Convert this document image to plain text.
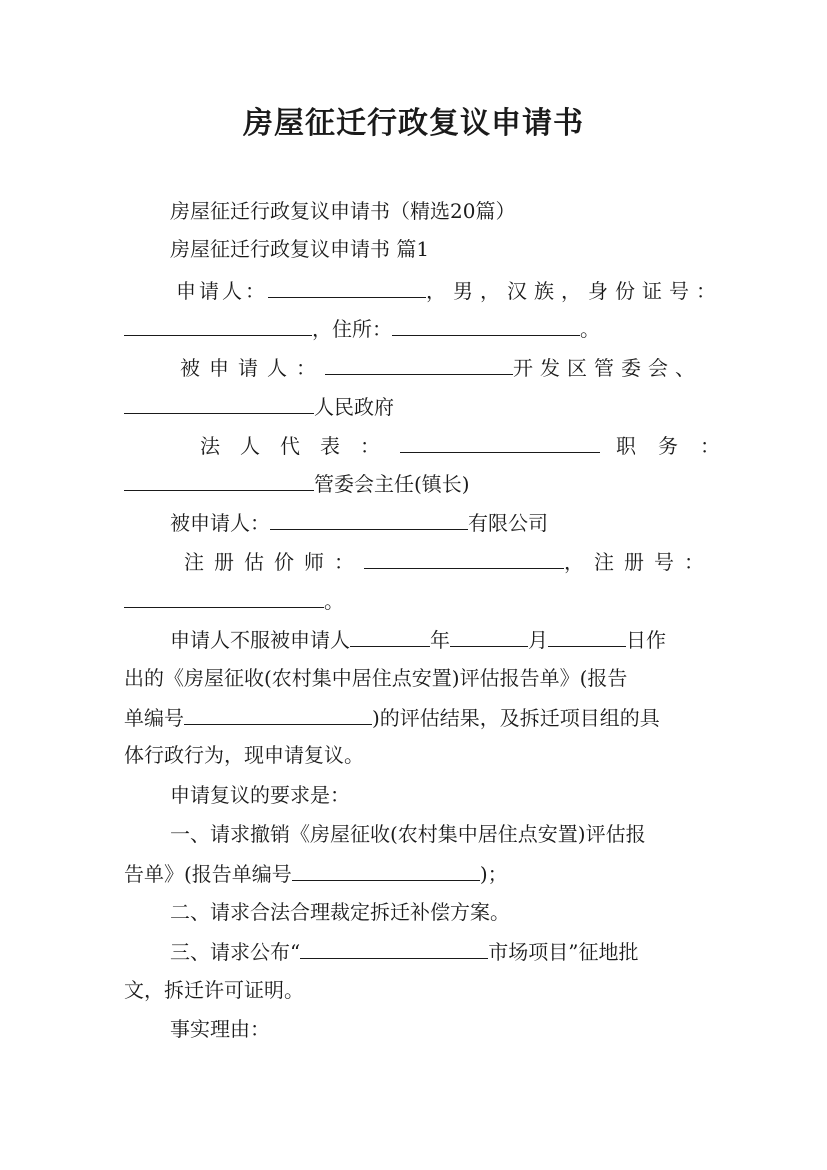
房屋征迁行政复议申请书
房屋征迁行政复议申请书（精选20篇）
房屋征迁行政复议申请书 篇1
申请人：	，男，汉族，身份证号：
，住所：	。
被申请人：	开发区管委会、
人民政府
法人代表：	职务：
管委会主任(镇长)
被申请人：	有限公司
注册估价师：	，注册号：
。
申请人不服被申请人	年	月	日作
出的《房屋征收(农村集中居住点安置)评估报告单》(报告
单编号	)的评估结果，及拆迁项目组的具
体行政行为，现申请复议。
申请复议的要求是：
一、请求撤销《房屋征收(农村集中居住点安置)评估报
告单》(报告单编号	)；
二、请求合法合理裁定拆迁补偿方案。
三、请求公布“	市场项目”征地批
文，拆迁许可证明。
事实理由：
